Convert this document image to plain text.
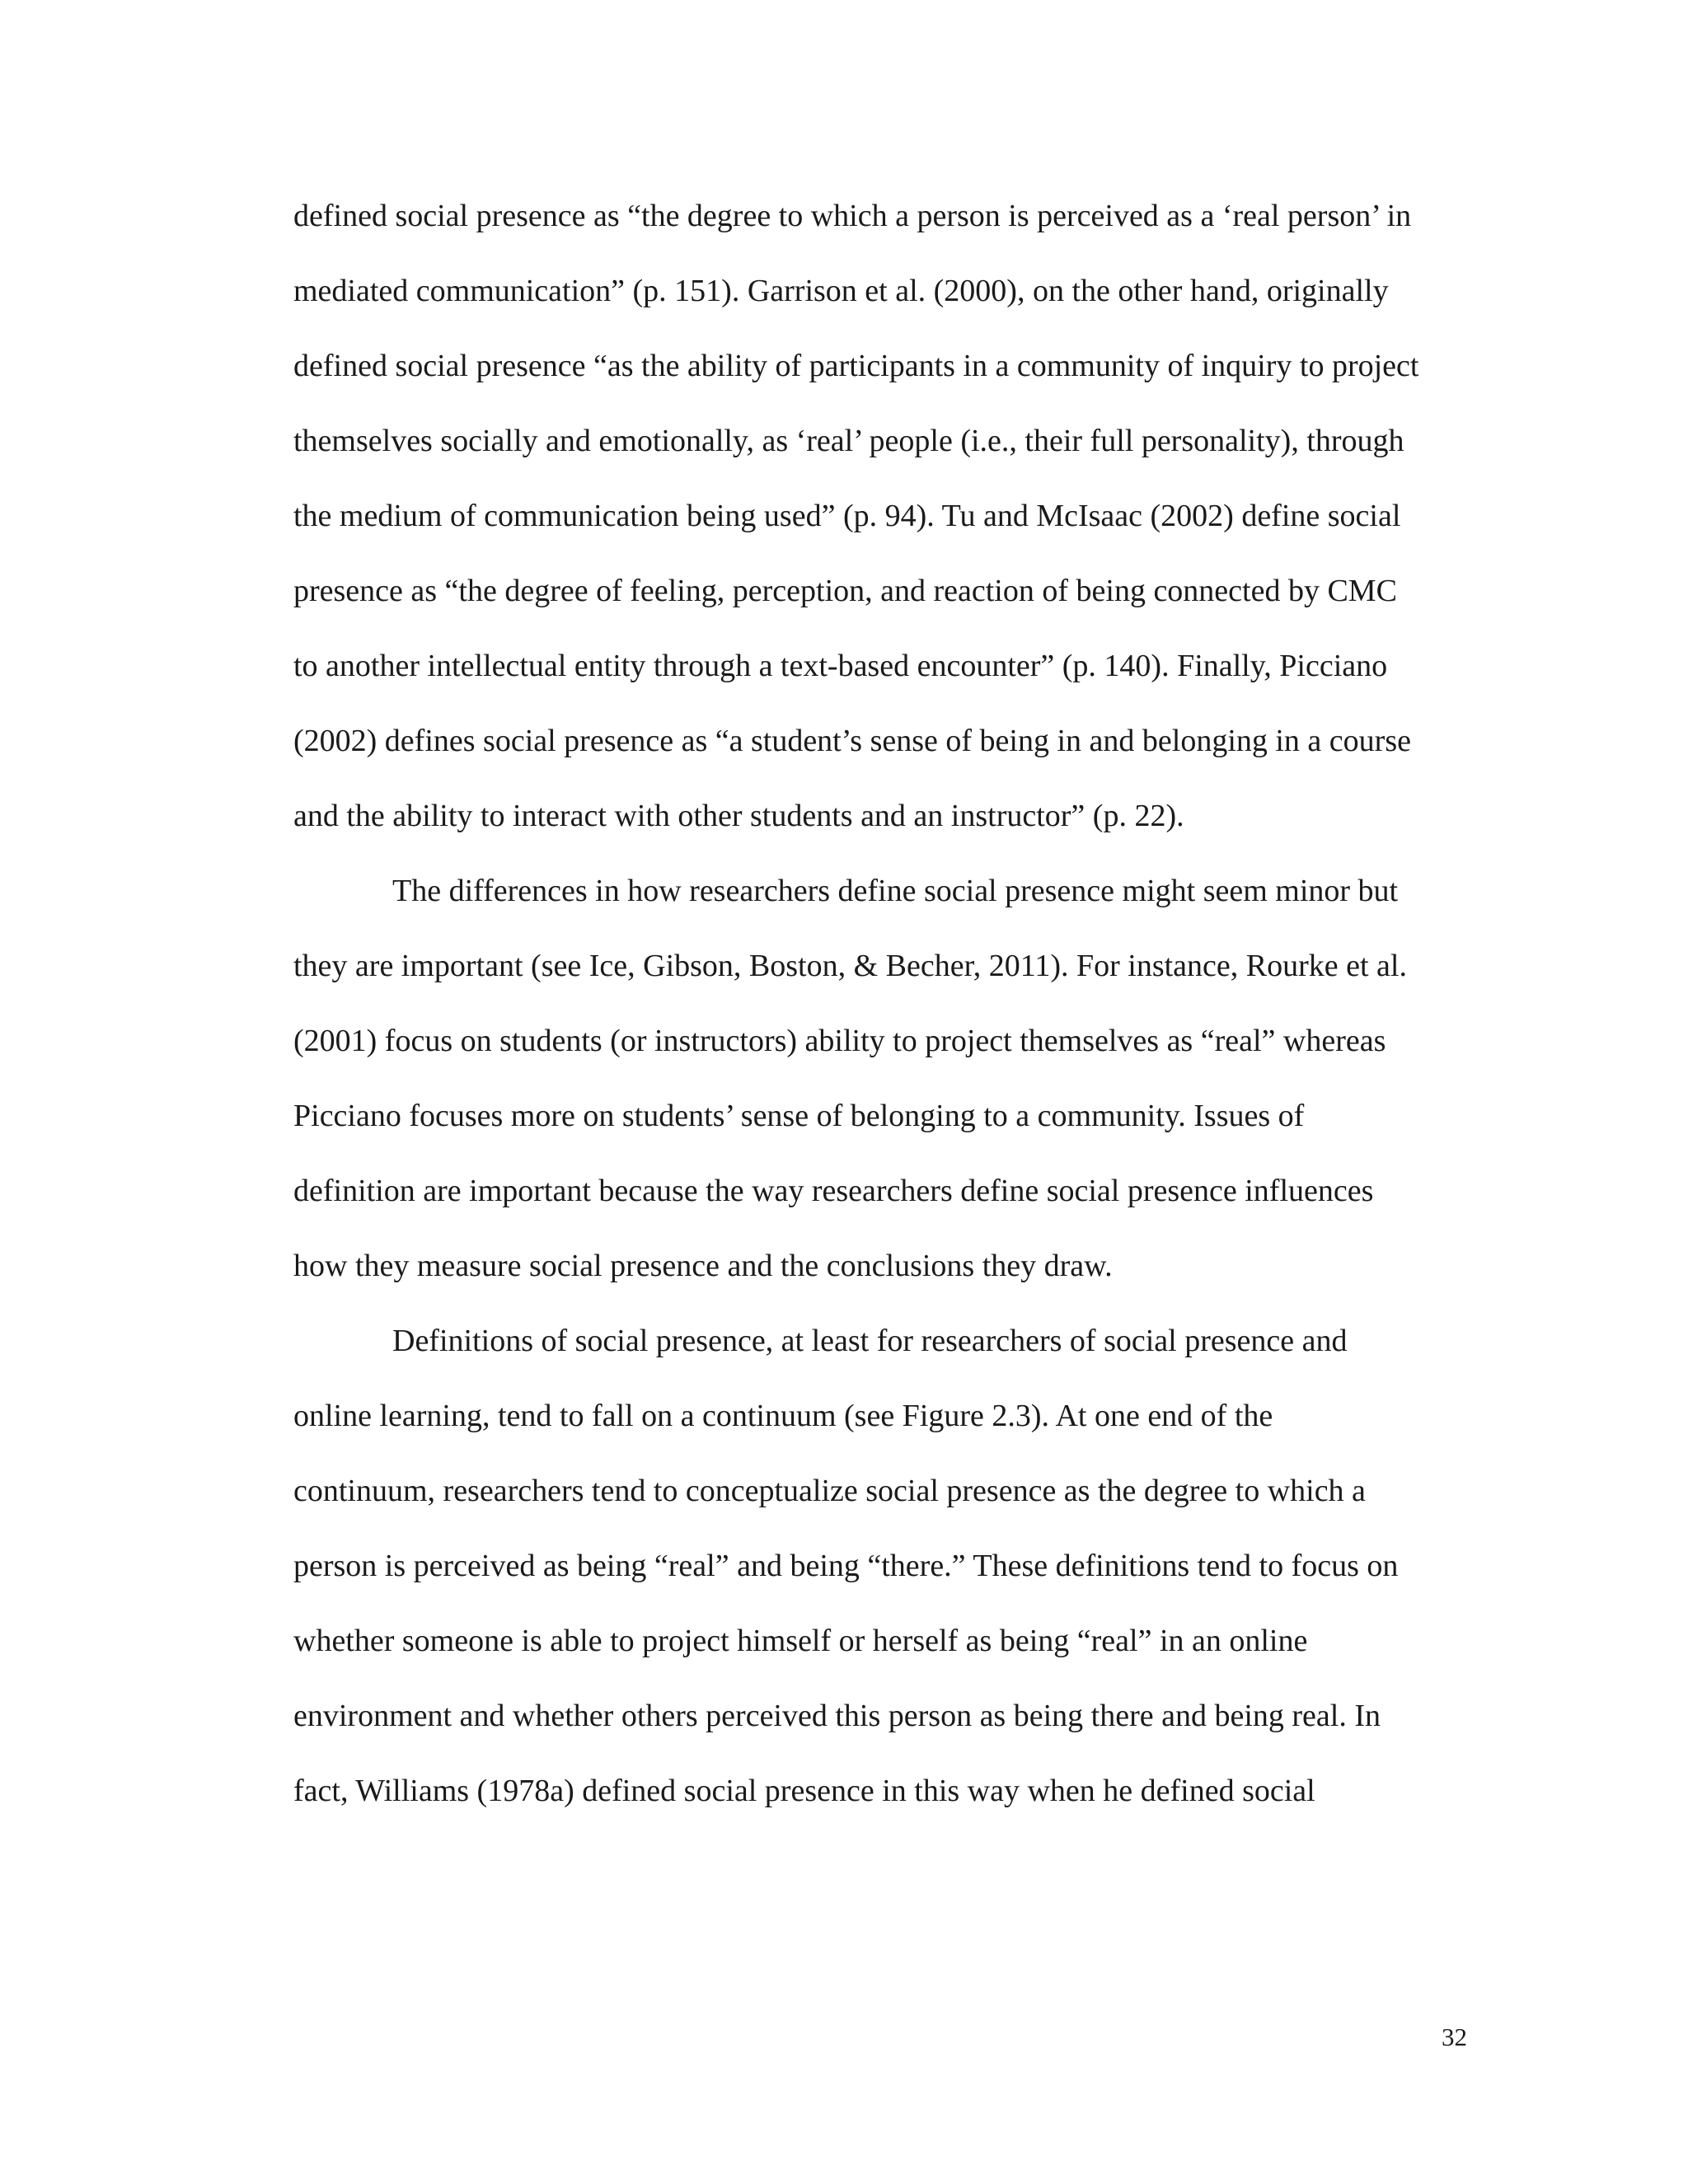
defined social presence as “the degree to which a person is perceived as a ‘real person’ in

mediated communication” (p. 151). Garrison et al. (2000), on the other hand, originally

defined social presence “as the ability of participants in a community of inquiry to project

themselves socially and emotionally, as ‘real’ people (i.e., their full personality), through

the medium of communication being used” (p. 94). Tu and McIsaac (2002) define social

presence as “the degree of feeling, perception, and reaction of being connected by CMC

to another intellectual entity through a text-based encounter” (p. 140). Finally, Picciano

(2002) defines social presence as “a student’s sense of being in and belonging in a course

and the ability to interact with other students and an instructor” (p. 22).

The differences in how researchers define social presence might seem minor but

they are important (see Ice, Gibson, Boston, & Becher, 2011). For instance, Rourke et al.

(2001) focus on students (or instructors) ability to project themselves as “real” whereas

Picciano focuses more on students’ sense of belonging to a community. Issues of

definition are important because the way researchers define social presence influences

how they measure social presence and the conclusions they draw.

Definitions of social presence, at least for researchers of social presence and

online learning, tend to fall on a continuum (see Figure 2.3). At one end of the

continuum, researchers tend to conceptualize social presence as the degree to which a

person is perceived as being “real” and being “there.” These definitions tend to focus on

whether someone is able to project himself or herself as being “real” in an online

environment and whether others perceived this person as being there and being real. In

fact, Williams (1978a) defined social presence in this way when he defined social

32
